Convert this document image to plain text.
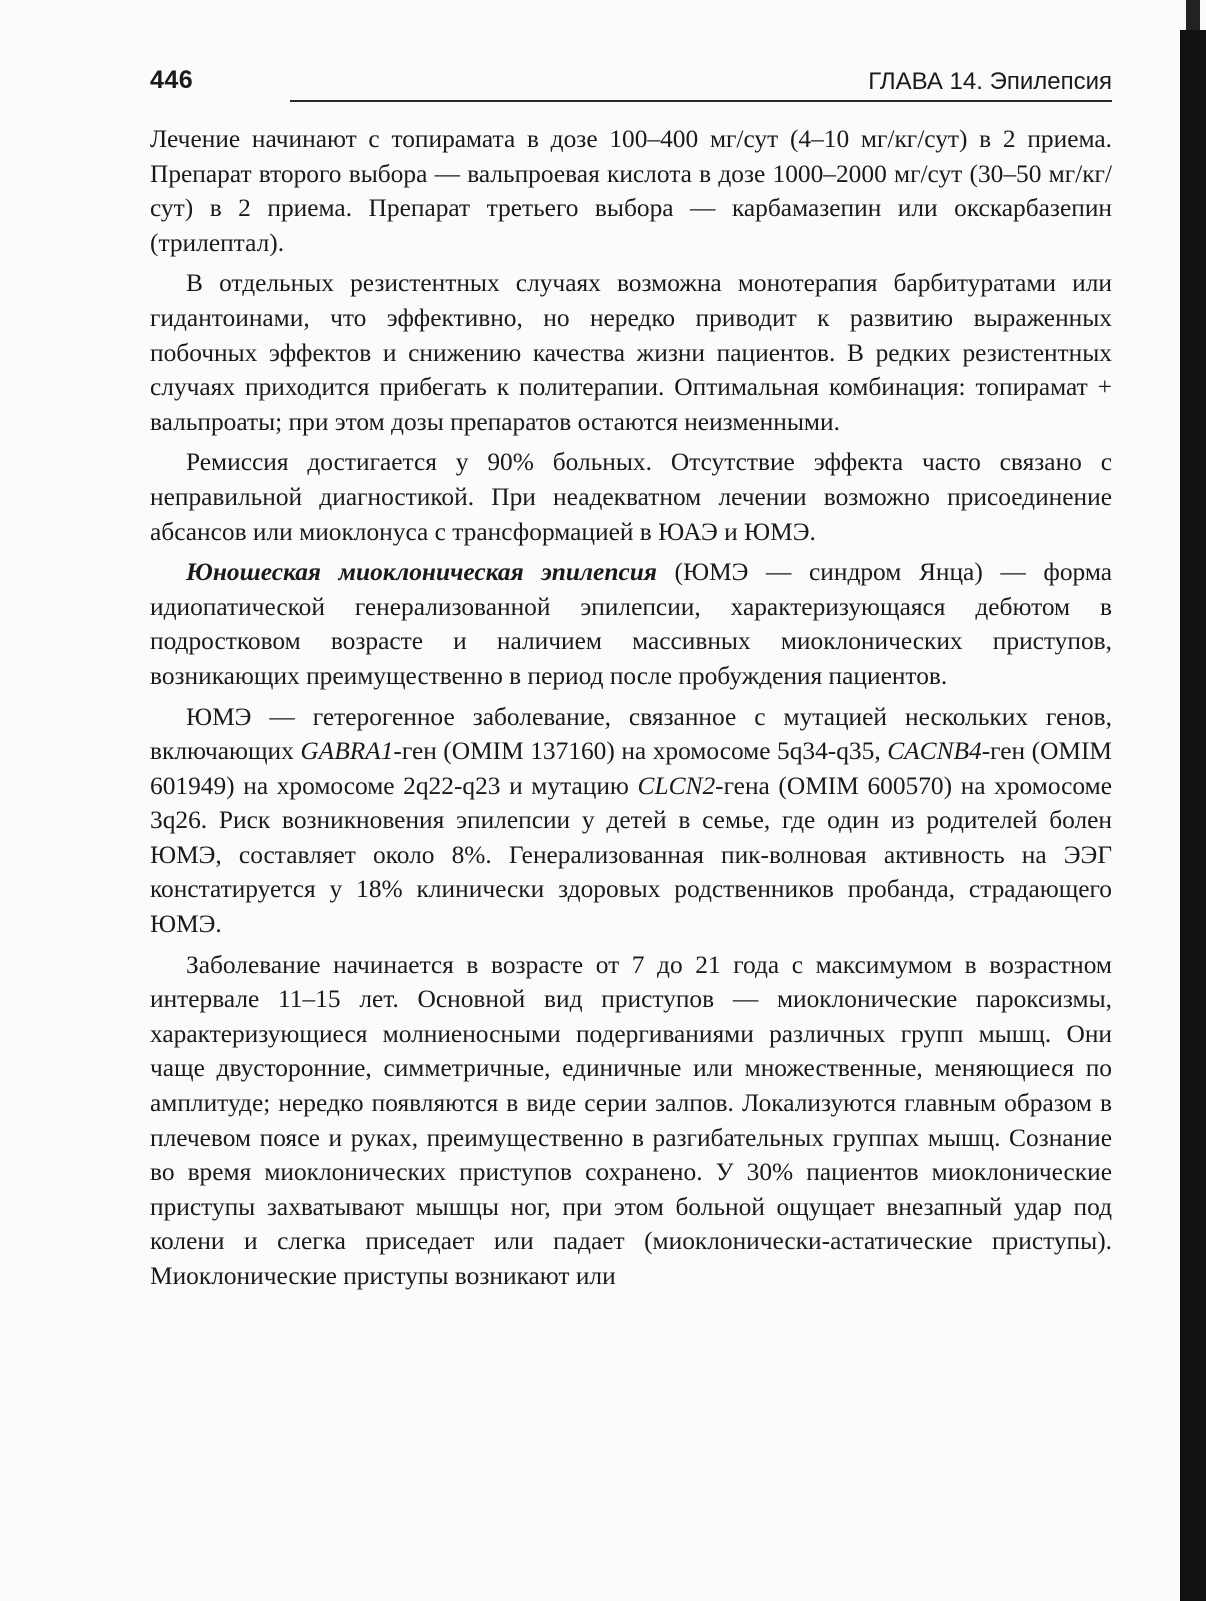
446	ГЛАВА 14. Эпилепсия

Лечение начинают с топирамата в дозе 100–400 мг/сут (4–10 мг/кг/сут) в 2 приема. Препарат второго выбора — вальпроевая кислота в дозе 1000–2000 мг/сут (30–50 мг/кг/сут) в 2 приема. Препарат третьего выбора — карбамазепин или окскарбазепин (трилептал).

В отдельных резистентных случаях возможна монотерапия барбитуратами или гидантоинами, что эффективно, но нередко приводит к развитию выраженных побочных эффектов и снижению качества жизни пациентов. В редких резистентных случаях приходится прибегать к политерапии. Оптимальная комбинация: топирамат + вальпроаты; при этом дозы препаратов остаются неизменными.

Ремиссия достигается у 90% больных. Отсутствие эффекта часто связано с неправильной диагностикой. При неадекватном лечении возможно присоединение абсансов или миоклонуса с трансформацией в ЮАЭ и ЮМЭ.

Юношеская миоклоническая эпилепсия (ЮМЭ — синдром Янца) — форма идиопатической генерализованной эпилепсии, характеризующаяся дебютом в подростковом возрасте и наличием массивных миоклонических приступов, возникающих преимущественно в период после пробуждения пациентов.

ЮМЭ — гетерогенное заболевание, связанное с мутацией нескольких генов, включающих GABRA1-ген (OMIM 137160) на хромосоме 5q34-q35, CACNB4-ген (OMIM 601949) на хромосоме 2q22-q23 и мутацию CLCN2-гена (OMIM 600570) на хромосоме 3q26. Риск возникновения эпилепсии у детей в семье, где один из родителей болен ЮМЭ, составляет около 8%. Генерализованная пик-волновая активность на ЭЭГ констатируется у 18% клинически здоровых родственников пробанда, страдающего ЮМЭ.

Заболевание начинается в возрасте от 7 до 21 года с максимумом в возрастном интервале 11–15 лет. Основной вид приступов — миоклонические пароксизмы, характеризующиеся молниеносными подергиваниями различных групп мышц. Они чаще двусторонние, симметричные, единичные или множественные, меняющиеся по амплитуде; нередко появляются в виде серии залпов. Локализуются главным образом в плечевом поясе и руках, преимущественно в разгибательных группах мышц. Сознание во время миоклонических приступов сохранено. У 30% пациентов миоклонические приступы захватывают мышцы ног, при этом больной ощущает внезапный удар под колени и слегка приседает или падает (миоклонически-астатические приступы). Миоклонические приступы возникают или
